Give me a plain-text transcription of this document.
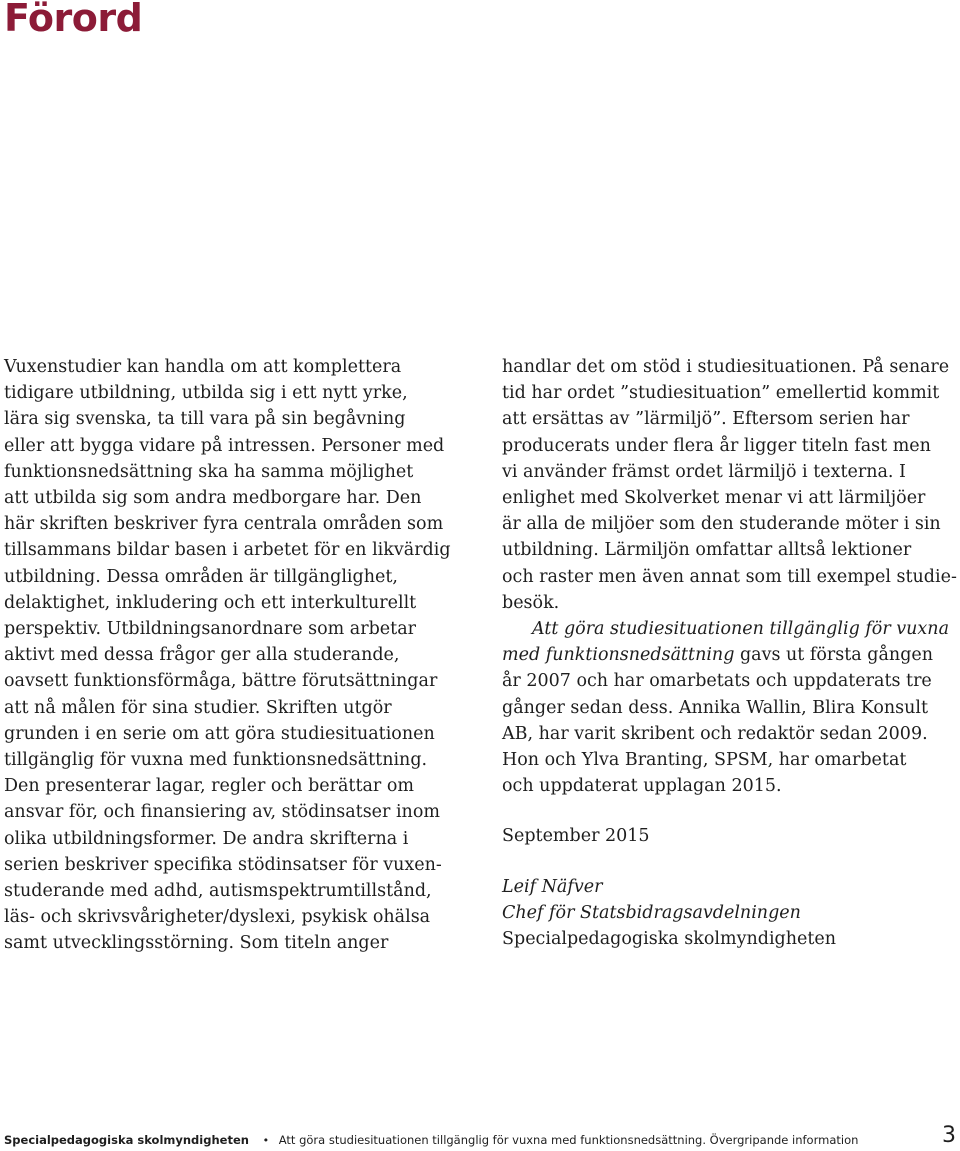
Förord

Vuxenstudier kan handla om att komplettera
tidigare utbildning, utbilda sig i ett nytt yrke,
lära sig svenska, ta till vara på sin begåvning
eller att bygga vidare på intressen. Personer med
funktionsnedsättning ska ha samma möjlighet
att utbilda sig som andra medborgare har. Den
här skriften beskriver fyra centrala områden som
tillsammans bildar basen i arbetet för en likvärdig
utbildning. Dessa områden är tillgänglighet,
delaktighet, inkludering och ett interkulturellt
perspektiv. Utbildningsanordnare som arbetar
aktivt med dessa frågor ger alla studerande,
oavsett funktionsförmåga, bättre förutsättningar
att nå målen för sina studier. Skriften utgör
grunden i en serie om att göra studiesituationen
tillgänglig för vuxna med funktionsnedsättning.
Den presenterar lagar, regler och berättar om
ansvar för, och finansiering av, stödinsatser inom
olika utbildningsformer. De andra skrifterna i
serien beskriver specifika stödinsatser för vuxen-
studerande med adhd, autismspektrumtillstånd,
läs- och skrivsvårigheter/dyslexi, psykisk ohälsa
samt utvecklingsstörning. Som titeln anger

handlar det om stöd i studiesituationen. På senare
tid har ordet ”studiesituation” emellertid kommit
att ersättas av ”lärmiljö”. Eftersom serien har
producerats under flera år ligger titeln fast men
vi använder främst ordet lärmiljö i texterna. I
enlighet med Skolverket menar vi att lärmiljöer
är alla de miljöer som den studerande möter i sin
utbildning. Lärmiljön omfattar alltså lektioner
och raster men även annat som till exempel studie-
besök.

Att göra studiesituationen tillgänglig för vuxna
med funktionsnedsättning gavs ut första gången
år 2007 och har omarbetats och uppdaterats tre
gånger sedan dess. Annika Wallin, Blira Konsult
AB, har varit skribent och redaktör sedan 2009.
Hon och Ylva Branting, SPSM, har omarbetat
och uppdaterat upplagan 2015.

September 2015

Leif Näfver
Chef för Statsbidragsavdelningen
Specialpedagogiska skolmyndigheten

Specialpedagogiska skolmyndigheten • Att göra studiesituationen tillgänglig för vuxna med funktionsnedsättning. Övergripande information	3
